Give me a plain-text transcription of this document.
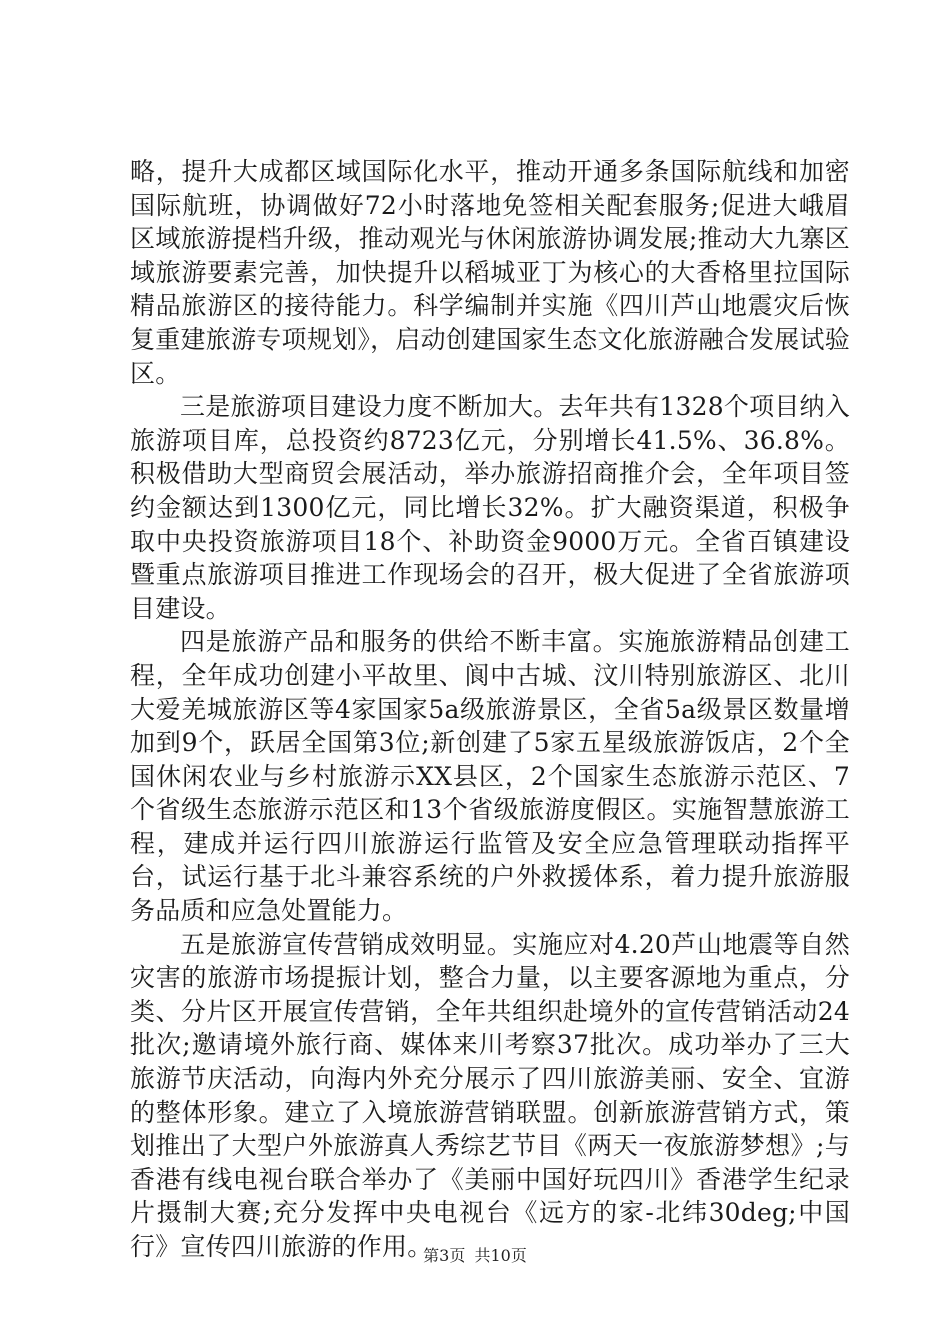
略，提升大成都区域国际化水平，推动开通多条国际航线和加密国际航班，协调做好72小时落地免签相关配套服务;促进大峨眉区域旅游提档升级，推动观光与休闲旅游协调发展;推动大九寨区域旅游要素完善，加快提升以稻城亚丁为核心的大香格里拉国际精品旅游区的接待能力。科学编制并实施《四川芦山地震灾后恢复重建旅游专项规划》，启动创建国家生态文化旅游融合发展试验区。

三是旅游项目建设力度不断加大。去年共有1328个项目纳入旅游项目库，总投资约8723亿元，分别增长41.5%、36.8%。积极借助大型商贸会展活动，举办旅游招商推介会，全年项目签约金额达到1300亿元，同比增长32%。扩大融资渠道，积极争取中央投资旅游项目18个、补助资金9000万元。全省百镇建设暨重点旅游项目推进工作现场会的召开，极大促进了全省旅游项目建设。

四是旅游产品和服务的供给不断丰富。实施旅游精品创建工程，全年成功创建小平故里、阆中古城、汶川特别旅游区、北川大爱羌城旅游区等4家国家5a级旅游景区，全省5a级景区数量增加到9个，跃居全国第3位;新创建了5家五星级旅游饭店，2个全国休闲农业与乡村旅游示XX县区，2个国家生态旅游示范区、7个省级生态旅游示范区和13个省级旅游度假区。实施智慧旅游工程，建成并运行四川旅游运行监管及安全应急管理联动指挥平台，试运行基于北斗兼容系统的户外救援体系，着力提升旅游服务品质和应急处置能力。

五是旅游宣传营销成效明显。实施应对4.20芦山地震等自然灾害的旅游市场提振计划，整合力量，以主要客源地为重点，分类、分片区开展宣传营销，全年共组织赴境外的宣传营销活动24批次;邀请境外旅行商、媒体来川考察37批次。成功举办了三大旅游节庆活动，向海内外充分展示了四川旅游美丽、安全、宜游的整体形象。建立了入境旅游营销联盟。创新旅游营销方式，策划推出了大型户外旅游真人秀综艺节目《两天一夜旅游梦想》;与香港有线电视台联合举办了《美丽中国好玩四川》香港学生纪录片摄制大赛;充分发挥中央电视台《远方的家-北纬30deg;中国行》宣传四川旅游的作用。

第3页 共10页
